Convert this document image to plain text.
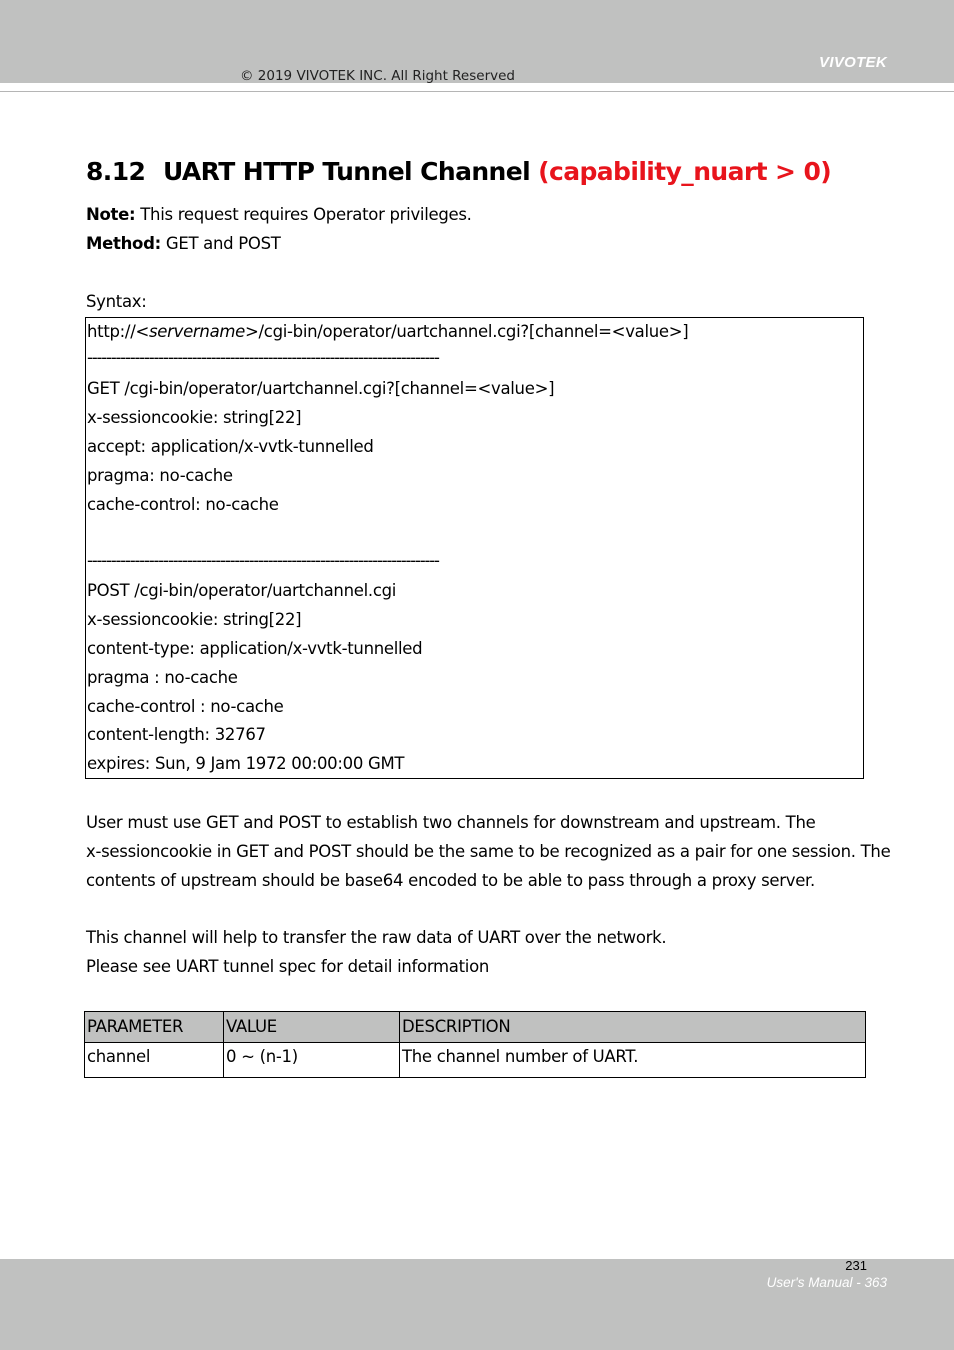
VIVOTEK
© 2019 VIVOTEK INC. All Right Reserved
8.12 UART HTTP Tunnel Channel (capability_nuart > 0)
Note: This request requires Operator privileges.
Method: GET and POST
Syntax:
http://<servername>/cgi-bin/operator/uartchannel.cgi?[channel=<value>]
--------------------------------------------------------------------------
GET /cgi-bin/operator/uartchannel.cgi?[channel=<value>]
x-sessioncookie: string[22]
accept: application/x-vvtk-tunnelled
pragma: no-cache
cache-control: no-cache
--------------------------------------------------------------------------
POST /cgi-bin/operator/uartchannel.cgi
x-sessioncookie: string[22]
content-type: application/x-vvtk-tunnelled
pragma : no-cache
cache-control : no-cache
content-length: 32767
expires: Sun, 9 Jam 1972 00:00:00 GMT
User must use GET and POST to establish two channels for downstream and upstream. The
x-sessioncookie in GET and POST should be the same to be recognized as a pair for one session. The
contents of upstream should be base64 encoded to be able to pass through a proxy server.
This channel will help to transfer the raw data of UART over the network.
Please see UART tunnel spec for detail information
PARAMETER	VALUE	DESCRIPTION
channel	0 ~ (n-1)	The channel number of UART.
231
User's Manual - 363
